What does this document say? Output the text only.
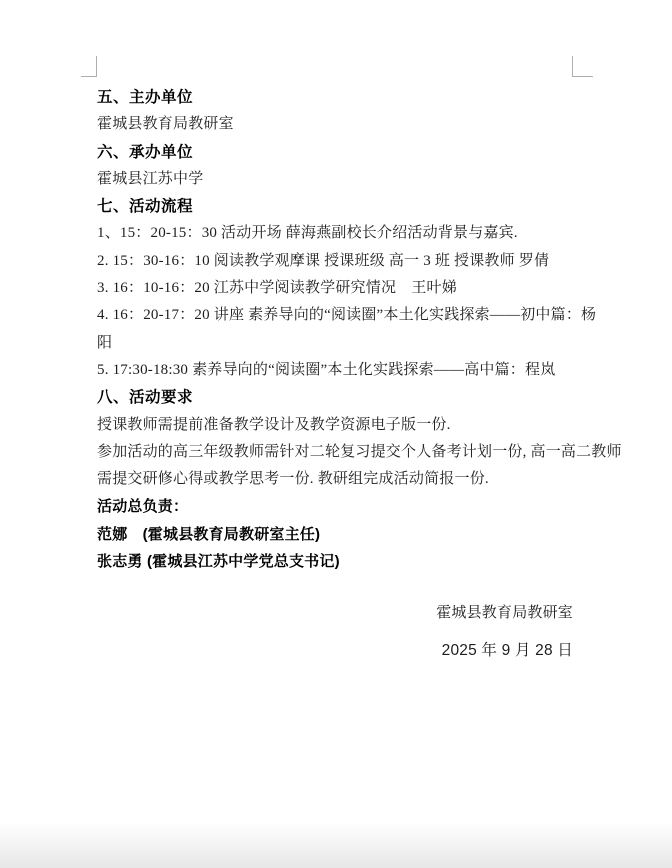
五、主办单位
霍城县教育局教研室
六、承办单位
霍城县江苏中学
七、活动流程
1、15：20-15：30 活动开场 薛海燕副校长介绍活动背景与嘉宾.
2. 15：30-16：10 阅读教学观摩课 授课班级 高一 3 班 授课教师 罗倩
3. 16：10-16：20 江苏中学阅读教学研究情况　王叶娣
4. 16：20-17：20 讲座 素养导向的“阅读圈”本土化实践探索——初中篇：杨
阳
5. 17:30-18:30 素养导向的“阅读圈”本土化实践探索——高中篇：程岚
八、活动要求
授课教师需提前准备教学设计及教学资源电子版一份.
参加活动的高三年级教师需针对二轮复习提交个人备考计划一份, 高一高二教师
需提交研修心得或教学思考一份. 教研组完成活动简报一份.
活动总负责：
范娜　(霍城县教育局教研室主任)
张志勇 (霍城县江苏中学党总支书记)
霍城县教育局教研室
2025 年 9 月 28 日
